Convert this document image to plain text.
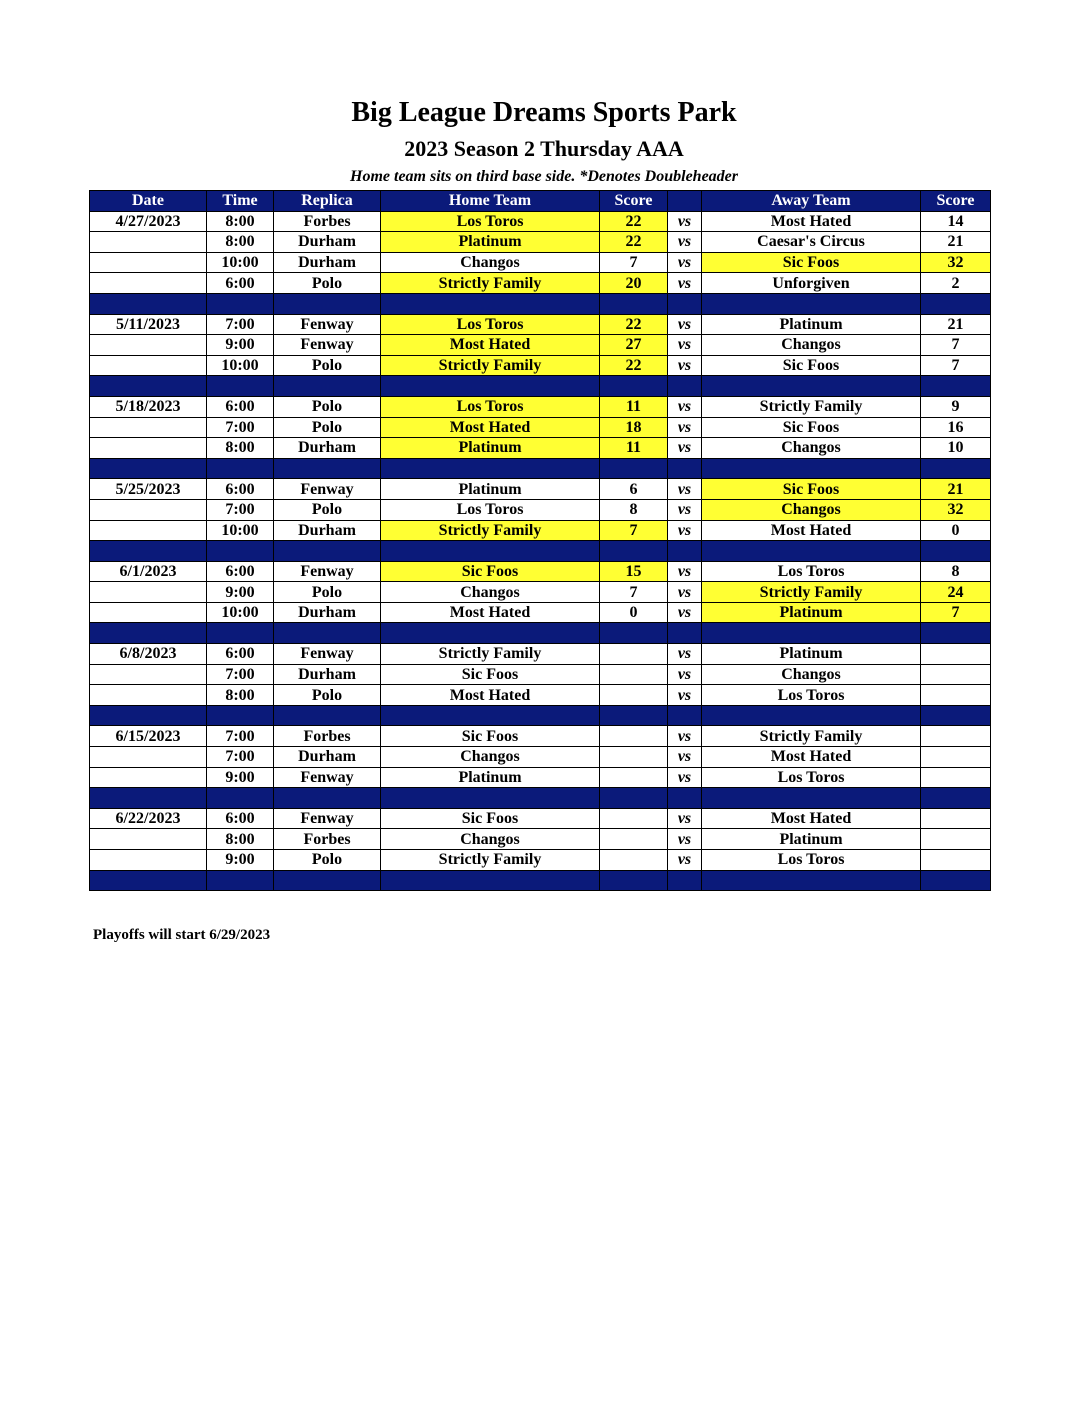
Big League Dreams Sports Park
2023 Season 2 Thursday AAA
Home team sits on third base side. *Denotes Doubleheader
Date	Time	Replica	Home Team	Score		Away Team	Score
4/27/2023	8:00	Forbes	Los Toros	22	vs	Most Hated	14
	8:00	Durham	Platinum	22	vs	Caesar's Circus	21
	10:00	Durham	Changos	7	vs	Sic Foos	32
	6:00	Polo	Strictly Family	20	vs	Unforgiven	2

5/11/2023	7:00	Fenway	Los Toros	22	vs	Platinum	21
	9:00	Fenway	Most Hated	27	vs	Changos	7
	10:00	Polo	Strictly Family	22	vs	Sic Foos	7

5/18/2023	6:00	Polo	Los Toros	11	vs	Strictly Family	9
	7:00	Polo	Most Hated	18	vs	Sic Foos	16
	8:00	Durham	Platinum	11	vs	Changos	10

5/25/2023	6:00	Fenway	Platinum	6	vs	Sic Foos	21
	7:00	Polo	Los Toros	8	vs	Changos	32
	10:00	Durham	Strictly Family	7	vs	Most Hated	0

6/1/2023	6:00	Fenway	Sic Foos	15	vs	Los Toros	8
	9:00	Polo	Changos	7	vs	Strictly Family	24
	10:00	Durham	Most Hated	0	vs	Platinum	7

6/8/2023	6:00	Fenway	Strictly Family		vs	Platinum	
	7:00	Durham	Sic Foos		vs	Changos	
	8:00	Polo	Most Hated		vs	Los Toros	

6/15/2023	7:00	Forbes	Sic Foos		vs	Strictly Family	
	7:00	Durham	Changos		vs	Most Hated	
	9:00	Fenway	Platinum		vs	Los Toros	

6/22/2023	6:00	Fenway	Sic Foos		vs	Most Hated	
	8:00	Forbes	Changos		vs	Platinum	
	9:00	Polo	Strictly Family		vs	Los Toros	

Playoffs will start 6/29/2023
